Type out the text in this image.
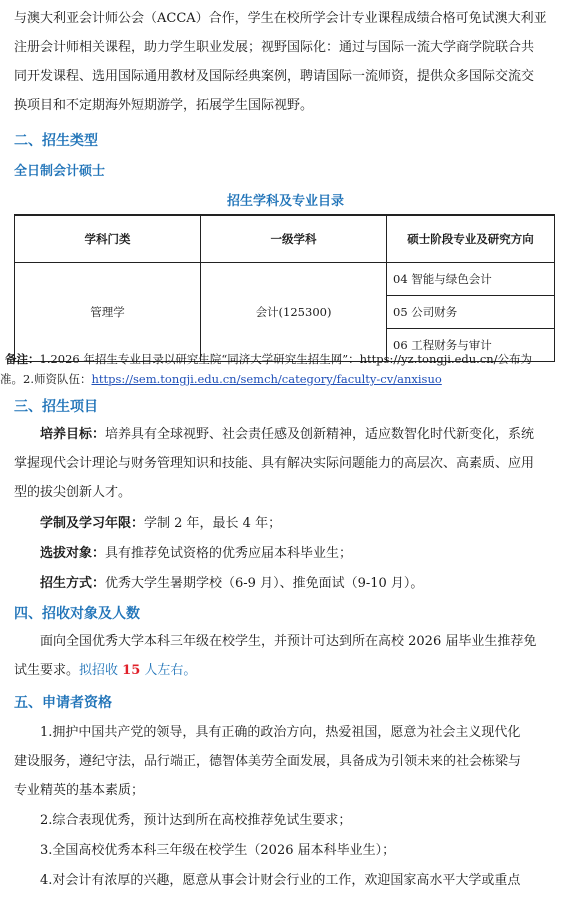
与澳大利亚会计师公会（ACCA）合作，学生在校所学会计专业课程成绩合格可免试澳大利亚
注册会计师相关课程，助力学生职业发展；视野国际化：通过与国际一流大学商学院联合共
同开发课程、选用国际通用教材及国际经典案例，聘请国际一流师资，提供众多国际交流交
换项目和不定期海外短期游学，拓展学生国际视野。

二、招生类型
全日制会计硕士
招生学科及专业目录
学科门类	一级学科	硕士阶段专业及研究方向
管理学	会计(125300)	04 智能与绿色会计
		05 公司财务
		06 工程财务与审计
备注：1.2026 年招生专业目录以研究生院“同济大学研究生招生网”：https://yz.tongji.edu.cn/公布为
准。2.师资队伍：https://sem.tongji.edu.cn/semch/category/faculty-cv/anxisuo
三、招生项目

培养目标：培养具有全球视野、社会责任感及创新精神，适应数智化时代新变化，系统
掌握现代会计理论与财务管理知识和技能、具有解决实际问题能力的高层次、高素质、应用
型的拔尖创新人才。

学制及学习年限：学制 2 年，最长 4 年；

选拔对象：具有推荐免试资格的优秀应届本科毕业生；

招生方式：优秀大学生暑期学校（6-9 月）、推免面试（9-10 月）。

四、招收对象及人数

面向全国优秀大学本科三年级在校学生，并预计可达到所在高校 2026 届毕业生推荐免
试生要求。拟招收 15 人左右。

五、申请者资格

1.拥护中国共产党的领导，具有正确的政治方向，热爱祖国，愿意为社会主义现代化
建设服务，遵纪守法，品行端正，德智体美劳全面发展，具备成为引领未来的社会栋梁与
专业精英的基本素质；

2.综合表现优秀，预计达到所在高校推荐免试生要求；

3.全国高校优秀本科三年级在校学生（2026 届本科毕业生）；

4.对会计有浓厚的兴趣，愿意从事会计财会行业的工作，欢迎国家高水平大学或重点
